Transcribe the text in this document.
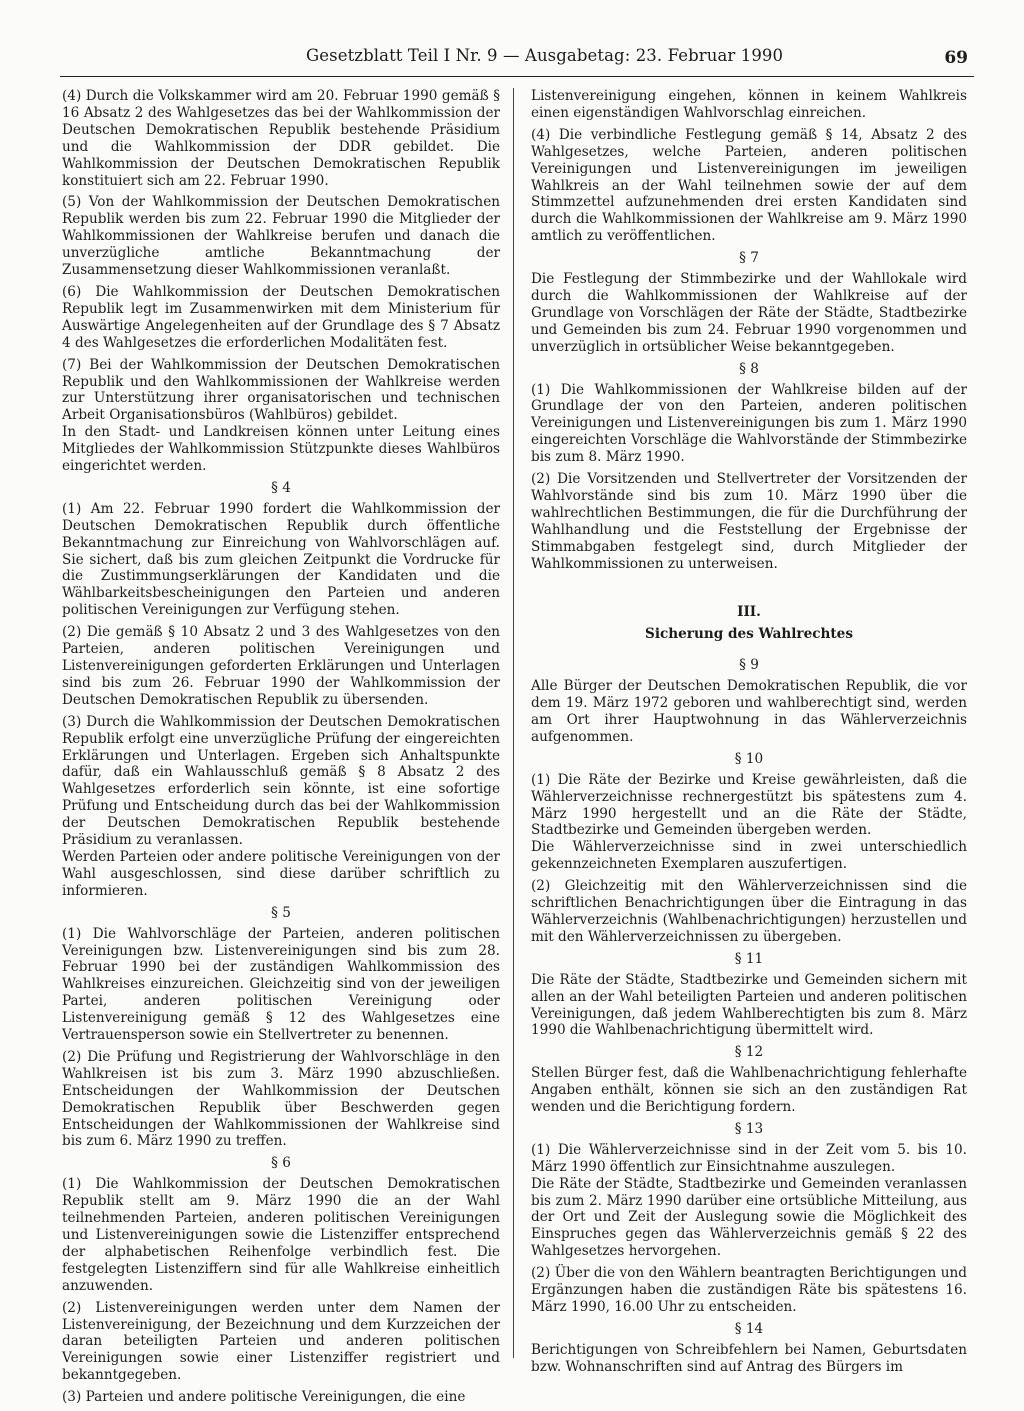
Gesetzblatt Teil I Nr. 9 — Ausgabetag: 23. Februar 1990	69

(4) Durch die Volkskammer wird am 20. Februar 1990 gemäß § 16 Absatz 2 des Wahlgesetzes das bei der Wahlkommission der Deutschen Demokratischen Republik bestehende Präsidium und die Wahlkommission der DDR gebildet. Die Wahlkommission der Deutschen Demokratischen Republik konstituiert sich am 22. Februar 1990.

(5) Von der Wahlkommission der Deutschen Demokratischen Republik werden bis zum 22. Februar 1990 die Mitglieder der Wahlkommissionen der Wahlkreise berufen und danach die unverzügliche amtliche Bekanntmachung der Zusammensetzung dieser Wahlkommissionen veranlaßt.

(6) Die Wahlkommission der Deutschen Demokratischen Republik legt im Zusammenwirken mit dem Ministerium für Auswärtige Angelegenheiten auf der Grundlage des § 7 Absatz 4 des Wahlgesetzes die erforderlichen Modalitäten fest.

(7) Bei der Wahlkommission der Deutschen Demokratischen Republik und den Wahlkommissionen der Wahlkreise werden zur Unterstützung ihrer organisatorischen und technischen Arbeit Organisationsbüros (Wahlbüros) gebildet.

In den Stadt- und Landkreisen können unter Leitung eines Mitgliedes der Wahlkommission Stützpunkte dieses Wahlbüros eingerichtet werden.

§ 4

(1) Am 22. Februar 1990 fordert die Wahlkommission der Deutschen Demokratischen Republik durch öffentliche Bekanntmachung zur Einreichung von Wahlvorschlägen auf. Sie sichert, daß bis zum gleichen Zeitpunkt die Vordrucke für die Zustimmungserklärungen der Kandidaten und die Wählbarkeitsbescheinigungen den Parteien und anderen politischen Vereinigungen zur Verfügung stehen.

(2) Die gemäß § 10 Absatz 2 und 3 des Wahlgesetzes von den Parteien, anderen politischen Vereinigungen und Listenvereinigungen geforderten Erklärungen und Unterlagen sind bis zum 26. Februar 1990 der Wahlkommission der Deutschen Demokratischen Republik zu übersenden.

(3) Durch die Wahlkommission der Deutschen Demokratischen Republik erfolgt eine unverzügliche Prüfung der eingereichten Erklärungen und Unterlagen. Ergeben sich Anhaltspunkte dafür, daß ein Wahlausschluß gemäß § 8 Absatz 2 des Wahlgesetzes erforderlich sein könnte, ist eine sofortige Prüfung und Entscheidung durch das bei der Wahlkommission der Deutschen Demokratischen Republik bestehende Präsidium zu veranlassen.

Werden Parteien oder andere politische Vereinigungen von der Wahl ausgeschlossen, sind diese darüber schriftlich zu informieren.

§ 5

(1) Die Wahlvorschläge der Parteien, anderen politischen Vereinigungen bzw. Listenvereinigungen sind bis zum 28. Februar 1990 bei der zuständigen Wahlkommission des Wahlkreises einzureichen. Gleichzeitig sind von der jeweiligen Partei, anderen politischen Vereinigung oder Listenvereinigung gemäß § 12 des Wahlgesetzes eine Vertrauensperson sowie ein Stellvertreter zu benennen.

(2) Die Prüfung und Registrierung der Wahlvorschläge in den Wahlkreisen ist bis zum 3. März 1990 abzuschließen. Entscheidungen der Wahlkommission der Deutschen Demokratischen Republik über Beschwerden gegen Entscheidungen der Wahlkommissionen der Wahlkreise sind bis zum 6. März 1990 zu treffen.

§ 6

(1) Die Wahlkommission der Deutschen Demokratischen Republik stellt am 9. März 1990 die an der Wahl teilnehmenden Parteien, anderen politischen Vereinigungen und Listenvereinigungen sowie die Listenziffer entsprechend der alphabetischen Reihenfolge verbindlich fest. Die festgelegten Listenziffern sind für alle Wahlkreise einheitlich anzuwenden.

(2) Listenvereinigungen werden unter dem Namen der Listenvereinigung, der Bezeichnung und dem Kurzzeichen der daran beteiligten Parteien und anderen politischen Vereinigungen sowie einer Listenziffer registriert und bekanntgegeben.

(3) Parteien und andere politische Vereinigungen, die eine

Listenvereinigung eingehen, können in keinem Wahlkreis einen eigenständigen Wahlvorschlag einreichen.

(4) Die verbindliche Festlegung gemäß § 14, Absatz 2 des Wahlgesetzes, welche Parteien, anderen politischen Vereinigungen und Listenvereinigungen im jeweiligen Wahlkreis an der Wahl teilnehmen sowie der auf dem Stimmzettel aufzunehmenden drei ersten Kandidaten sind durch die Wahlkommissionen der Wahlkreise am 9. März 1990 amtlich zu veröffentlichen.

§ 7

Die Festlegung der Stimmbezirke und der Wahllokale wird durch die Wahlkommissionen der Wahlkreise auf der Grundlage von Vorschlägen der Räte der Städte, Stadtbezirke und Gemeinden bis zum 24. Februar 1990 vorgenommen und unverzüglich in ortsüblicher Weise bekanntgegeben.

§ 8

(1) Die Wahlkommissionen der Wahlkreise bilden auf der Grundlage der von den Parteien, anderen politischen Vereinigungen und Listenvereinigungen bis zum 1. März 1990 eingereichten Vorschläge die Wahlvorstände der Stimmbezirke bis zum 8. März 1990.

(2) Die Vorsitzenden und Stellvertreter der Vorsitzenden der Wahlvorstände sind bis zum 10. März 1990 über die wahlrechtlichen Bestimmungen, die für die Durchführung der Wahlhandlung und die Feststellung der Ergebnisse der Stimmabgaben festgelegt sind, durch Mitglieder der Wahlkommissionen zu unterweisen.

III.
Sicherung des Wahlrechtes
§ 9

Alle Bürger der Deutschen Demokratischen Republik, die vor dem 19. März 1972 geboren und wahlberechtigt sind, werden am Ort ihrer Hauptwohnung in das Wählerverzeichnis aufgenommen.

§ 10

(1) Die Räte der Bezirke und Kreise gewährleisten, daß die Wählerverzeichnisse rechnergestützt bis spätestens zum 4. März 1990 hergestellt und an die Räte der Städte, Stadtbezirke und Gemeinden übergeben werden.

Die Wählerverzeichnisse sind in zwei unterschiedlich gekennzeichneten Exemplaren auszufertigen.

(2) Gleichzeitig mit den Wählerverzeichnissen sind die schriftlichen Benachrichtigungen über die Eintragung in das Wählerverzeichnis (Wahlbenachrichtigungen) herzustellen und mit den Wählerverzeichnissen zu übergeben.

§ 11

Die Räte der Städte, Stadtbezirke und Gemeinden sichern mit allen an der Wahl beteiligten Parteien und anderen politischen Vereinigungen, daß jedem Wahlberechtigten bis zum 8. März 1990 die Wahlbenachrichtigung übermittelt wird.

§ 12

Stellen Bürger fest, daß die Wahlbenachrichtigung fehlerhafte Angaben enthält, können sie sich an den zuständigen Rat wenden und die Berichtigung fordern.

§ 13

(1) Die Wählerverzeichnisse sind in der Zeit vom 5. bis 10. März 1990 öffentlich zur Einsichtnahme auszulegen.

Die Räte der Städte, Stadtbezirke und Gemeinden veranlassen bis zum 2. März 1990 darüber eine ortsübliche Mitteilung, aus der Ort und Zeit der Auslegung sowie die Möglichkeit des Einspruches gegen das Wählerverzeichnis gemäß § 22 des Wahlgesetzes hervorgehen.

(2) Über die von den Wählern beantragten Berichtigungen und Ergänzungen haben die zuständigen Räte bis spätestens 16. März 1990, 16.00 Uhr zu entscheiden.

§ 14

Berichtigungen von Schreibfehlern bei Namen, Geburtsdaten bzw. Wohnanschriften sind auf Antrag des Bürgers im
